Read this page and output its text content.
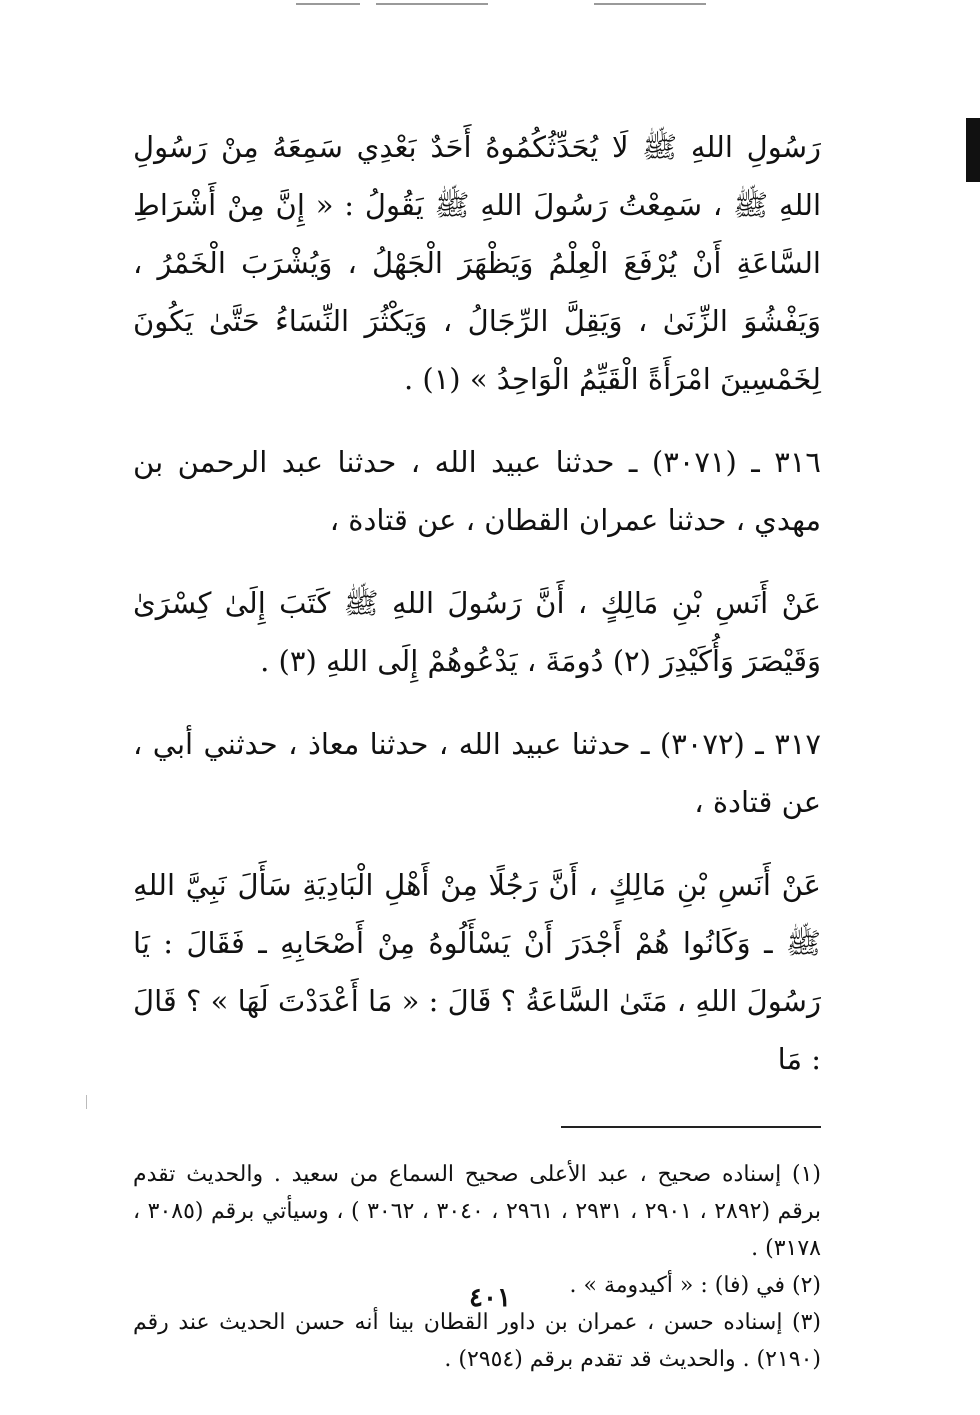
رَسُولِ اللهِ ﷺ لَا يُحَدِّثُكُمُوهُ أَحَدٌ بَعْدِي سَمِعَهُ مِنْ رَسُولِ اللهِ ﷺ ، سَمِعْتُ رَسُولَ اللهِ ﷺ يَقُولُ : « إِنَّ مِنْ أَشْرَاطِ السَّاعَةِ أَنْ يُرْفَعَ الْعِلْمُ وَيَظْهَرَ الْجَهْلُ ، وَيُشْرَبَ الْخَمْرُ ، وَيَفْشُوَ الزِّنَىٰ ، وَيَقِلَّ الرِّجَالُ ، وَيَكْثُرَ النِّسَاءُ حَتَّىٰ يَكُونَ لِخَمْسِينَ امْرَأَةً الْقَيِّمُ الْوَاحِدُ » (١) .

٣١٦ ـ (٣٠٧١) ـ حدثنا عبيد الله ، حدثنا عبد الرحمن بن مهدي ، حدثنا عمران القطان ، عن قتادة ،

عَنْ أَنَسِ بْنِ مَالِكٍ ، أَنَّ رَسُولَ اللهِ ﷺ كَتَبَ إِلَىٰ كِسْرَىٰ وَقَيْصَرَ وَأُكَيْدِرَ (٢) دُومَةَ ، يَدْعُوهُمْ إِلَى اللهِ (٣) .

٣١٧ ـ (٣٠٧٢) ـ حدثنا عبيد الله ، حدثنا معاذ ، حدثني أبي ، عن قتادة ،

عَنْ أَنَسِ بْنِ مَالِكٍ ، أَنَّ رَجُلًا مِنْ أَهْلِ الْبَادِيَةِ سَأَلَ نَبِيَّ اللهِ ﷺ ـ وَكَانُوا هُمْ أَجْدَرَ أَنْ يَسْأَلُوهُ مِنْ أَصْحَابِهِ ـ فَقَالَ : يَا رَسُولَ اللهِ ، مَتَىٰ السَّاعَةُ ؟ قَالَ : « مَا أَعْدَدْتَ لَهَا » ؟ قَالَ : مَا

(١) إسناده صحيح ، عبد الأعلى صحيح السماع من سعيد . والحديث تقدم برقم (٢٨٩٢ ، ٢٩٠١ ، ٢٩٣١ ، ٢٩٦١ ، ٣٠٤٠ ، ٣٠٦٢ ) ، وسيأتي برقم (٣٠٨٥ ، ٣١٧٨) .

(٢) في (فا) : « أكيدومة » .

(٣) إسناده حسن ، عمران بن داور القطان بينا أنه حسن الحديث عند رقم (٢١٩٠) . والحديث قد تقدم برقم (٢٩٥٤) .

٤٠١
